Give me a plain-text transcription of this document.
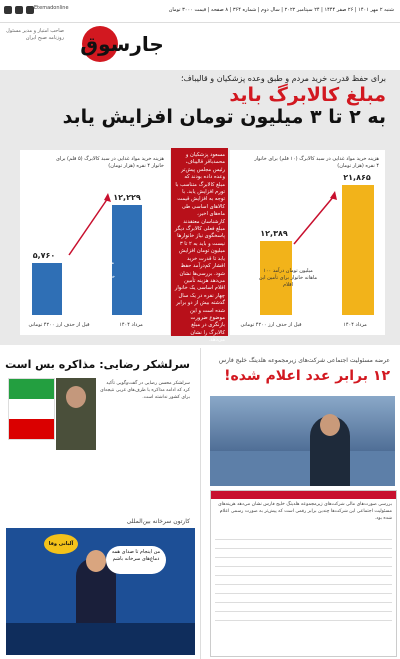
Etemadonline	شنبه ۲ مهر ۱۴۰۱ | ۲۶ صفر ۱۴۴۴ | ۲۴ سپتامبر ۲۰۲۲ | سال دوم | شماره ۳۶۴ | ۸ صفحه | قیمت ۳۰۰۰ تومان
صاحب امتیاز و مدیر مسئول
روزنامه صبح ایران جارسوق
برای حفظ قدرت خرید مردم و طبق وعده پزشکیان و قالیباف؛
مبلغ کالابرگ باید
به ۲ تا ۳ میلیون تومان افزایش یابد
هزینه خرید مواد غذایی در سبد کالابرگ (۵ قلم) برای خانوار ۴ نفره (هزار تومان)
۵,۷۶۰
۱۲,۲۲۹
۶۰ میلیون تومان درآمد ماهانه خانوار برای تأمین این اقلام
قبل از حذف ارز ۴۲۰۰ تومانی	مرداد ۱۴۰۴
مسعود پزشکیان و محمدباقر قالیباف، رئیس مجلس پیش‌تر وعده داده بودند که مبلغ کالابرگ متناسب با تورم افزایش یابد. با توجه به افزایش قیمت کالاهای اساسی طی ماه‌های اخیر، کارشناسان معتقدند مبلغ فعلی کالابرگ دیگر پاسخگوی نیاز خانوارها نیست و باید به ۲ تا ۳ میلیون تومان افزایش یابد تا قدرت خرید اقشار کم‌درآمد حفظ شود. بررسی‌ها نشان می‌دهد هزینه تأمین اقلام اساسی یک خانوار چهار نفره در یک سال گذشته بیش از دو برابر شده است و این موضوع ضرورت بازنگری در مبلغ کالابرگ را نشان می‌دهد.
هزینه خرید مواد غذایی در سبد کالابرگ (۱۰ قلم) برای خانوار ۴ نفره (هزار تومان)
۱۲,۳۸۹
۲۱,۸۶۵
۱۰۰ میلیون تومان درآمد ماهانه خانوار برای تأمین این اقلام
قبل از حذف ارز ۴۲۰۰ تومانی	مرداد ۱۴۰۴
عرضه مسئولیت اجتماعی شرکت‌های زیرمجموعه هلدینگ خلیج فارس
۱۲ برابر عدد اعلام شده!
بررسی صورت‌های مالی شرکت‌های زیرمجموعه هلدینگ خلیج فارس نشان می‌دهد هزینه‌های مسئولیت اجتماعی این شرکت‌ها چندین برابر رقمی است که پیش‌تر به صورت رسمی اعلام شده بود.
سرلشکر رضایی: مذاکره بس است
سرلشکر محسن رضایی در گفت‌وگویی تأکید کرد که ادامه مذاکره با طرف‌های غربی نتیجه‌ای برای کشور نداشته است.
کارتون سرخانه بین‌المللی
من اینجام تا صدای همه دماغ‌های سرخانه باشم
آلبانی وفا
